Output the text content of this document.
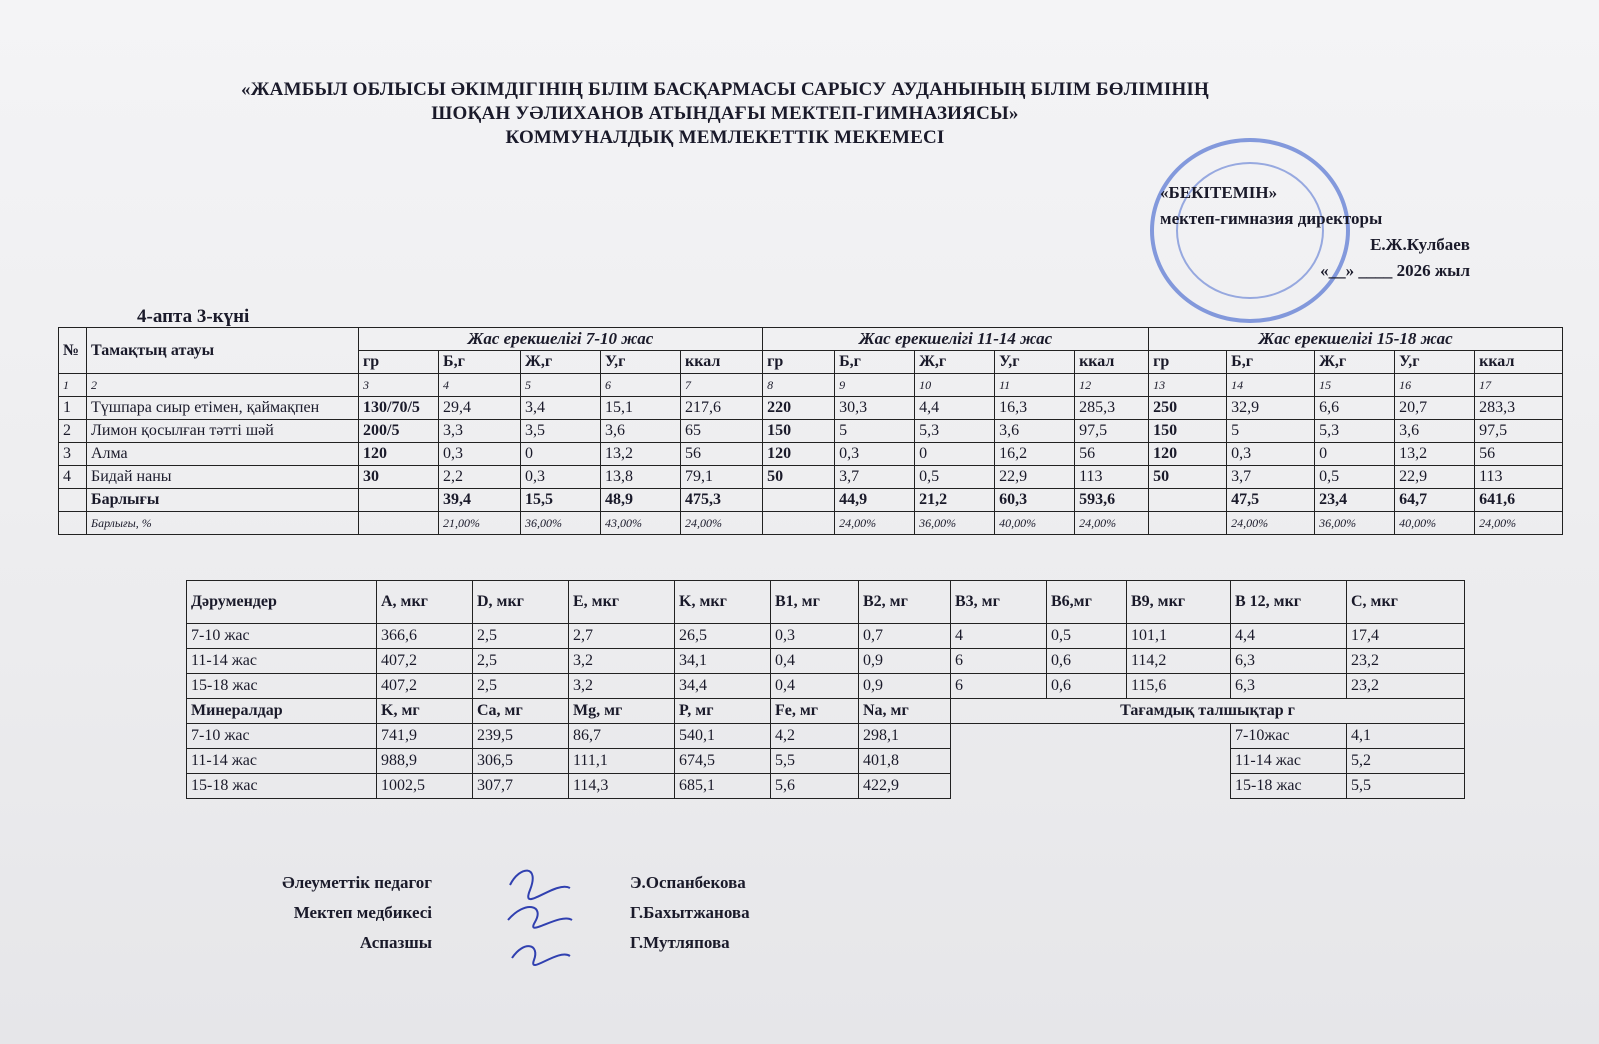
«ЖАМБЫЛ ОБЛЫСЫ ӘКІМДІГІНІҢ БІЛІМ БАСҚАРМАСЫ САРЫСУ АУДАНЫНЫҢ БІЛІМ БӨЛІМІНІҢ
ШОҚАН УӘЛИХАНОВ АТЫНДАҒЫ МЕКТЕП-ГИМНАЗИЯСЫ»
КОММУНАЛДЫҚ МЕМЛЕКЕТТІК МЕКЕМЕСІ
«БЕКІТЕМІН»
мектеп-гимназия директоры
Е.Ж.Кулбаев
«__» ____ 2026 жыл
4-апта 3-күні
№	Тамақтың атауы	Жас ерекшелігі 7-10 жас					Жас ерекшелігі 11-14 жас					Жас ерекшелігі 15-18 жас				
		гр	Б,г	Ж,г	У,г	ккал	гр	Б,г	Ж,г	У,г	ккал	гр	Б,г	Ж,г	У,г	ккал
1	2	3	4	5	6	7	8	9	10	11	12	13	14	15	16	17
1	Түшпара сиыр етімен, қаймақпен	130/70/5	29,4	3,4	15,1	217,6	220	30,3	4,4	16,3	285,3	250	32,9	6,6	20,7	283,3
2	Лимон қосылған тәтті шәй	200/5	3,3	3,5	3,6	65	150	5	5,3	3,6	97,5	150	5	5,3	3,6	97,5
3	Алма	120	0,3	0	13,2	56	120	0,3	0	16,2	56	120	0,3	0	13,2	56
4	Бидай наны	30	2,2	0,3	13,8	79,1	50	3,7	0,5	22,9	113	50	3,7	0,5	22,9	113
	Барлығы		39,4	15,5	48,9	475,3		44,9	21,2	60,3	593,6		47,5	23,4	64,7	641,6
	Барлығы, %		21,00%	36,00%	43,00%	24,00%		24,00%	36,00%	40,00%	24,00%		24,00%	36,00%	40,00%	24,00%
Дәрумендер	A, мкг	D, мкг	E, мкг	K, мкг	B1, мг	B2, мг	B3, мг	B6,мг	B9, мкг	B 12, мкг	C, мкг
7-10 жас	366,6	2,5	2,7	26,5	0,3	0,7	4	0,5	101,1	4,4	17,4
11-14 жас	407,2	2,5	3,2	34,1	0,4	0,9	6	0,6	114,2	6,3	23,2
15-18 жас	407,2	2,5	3,2	34,4	0,4	0,9	6	0,6	115,6	6,3	23,2
Минералдар	K, мг	Ca, мг	Mg, мг	P, мг	Fe, мг	Na, мг	Тағамдық талшықтар г				
7-10 жас	741,9	239,5	86,7	540,1	4,2	298,1				7-10жас	4,1
11-14 жас	988,9	306,5	111,1	674,5	5,5	401,8				11-14 жас	5,2
15-18 жас	1002,5	307,7	114,3	685,1	5,6	422,9				15-18 жас	5,5
Әлеуметтік педагог
Мектеп медбикесі
Аспазшы
Э.Оспанбекова
Г.Бахытжанова
Г.Мутляпова
